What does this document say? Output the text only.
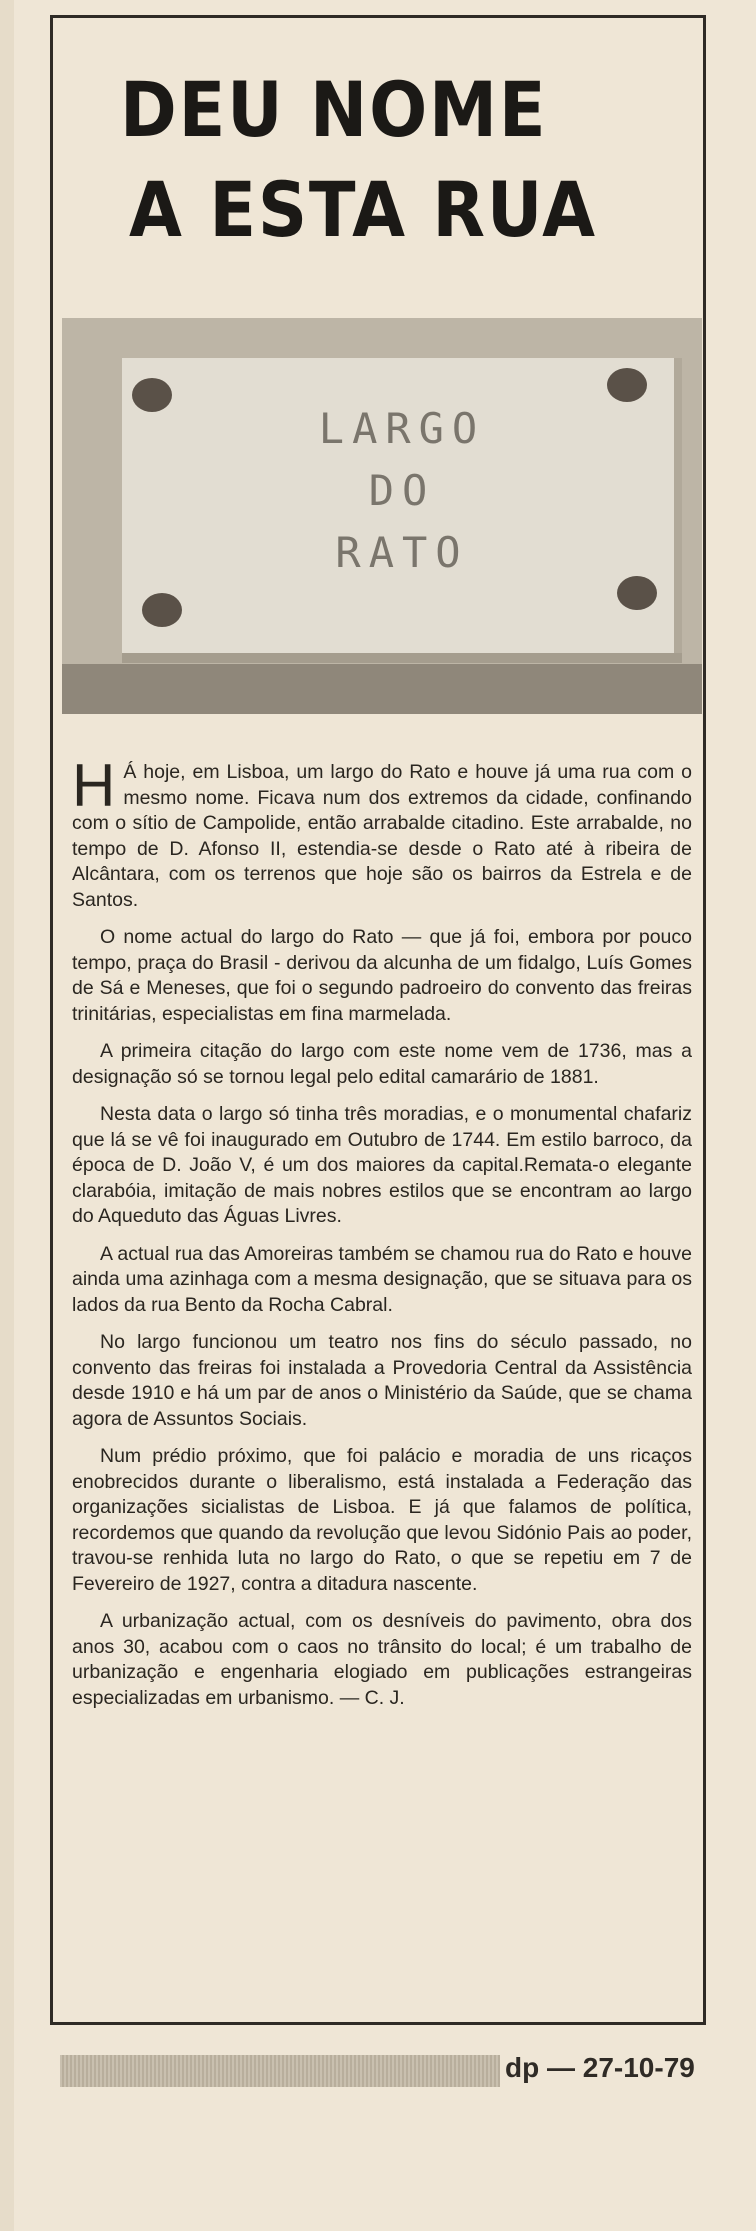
DEU NOME
A ESTA RUA
LARGO
DO
RATO

H Á hoje, em Lisboa, um largo do Rato e houve já uma rua com o mesmo nome. Ficava num dos extremos da cidade, confinando com o sítio de Campolide, então arrabalde citadino. Este arrabalde, no tempo de D. Afonso II, estendia-se desde o Rato até à ribeira de Alcântara, com os terrenos que hoje são os bairros da Estrela e de Santos.

O nome actual do largo do Rato — que já foi, embora por pouco tempo, praça do Brasil - derivou da alcunha de um fidalgo, Luís Gomes de Sá e Meneses, que foi o segundo padroeiro do convento das freiras trinitárias, especialistas em fina marmelada.

A primeira citação do largo com este nome vem de 1736, mas a designação só se tornou legal pelo edital camarário de 1881.

Nesta data o largo só tinha três moradias, e o monumental chafariz que lá se vê foi inaugurado em Outubro de 1744. Em estilo barroco, da época de D. João V, é um dos maiores da capital.Remata-o elegante clarabóia, imitação de mais nobres estilos que se encontram ao largo do Aqueduto das Águas Livres.

A actual rua das Amoreiras também se chamou rua do Rato e houve ainda uma azinhaga com a mesma designação, que se situava para os lados da rua Bento da Rocha Cabral.

No largo funcionou um teatro nos fins do século passado, no convento das freiras foi instalada a Provedoria Central da Assistência desde 1910 e há um par de anos o Ministério da Saúde, que se chama agora de Assuntos Sociais.

Num prédio próximo, que foi palácio e moradia de uns ricaços enobrecidos durante o liberalismo, está instalada a Federação das organizações sicialistas de Lisboa. E já que falamos de política, recordemos que quando da revolução que levou Sidónio Pais ao poder, travou-se renhida luta no largo do Rato, o que se repetiu em 7 de Fevereiro de 1927, contra a ditadura nascente.

A urbanização actual, com os desníveis do pavimento, obra dos anos 30, acabou com o caos no trânsito do local; é um trabalho de urbanização e engenharia elogiado em publicações estrangeiras especializadas em urbanismo. — C. J.

dp — 27-10-79
